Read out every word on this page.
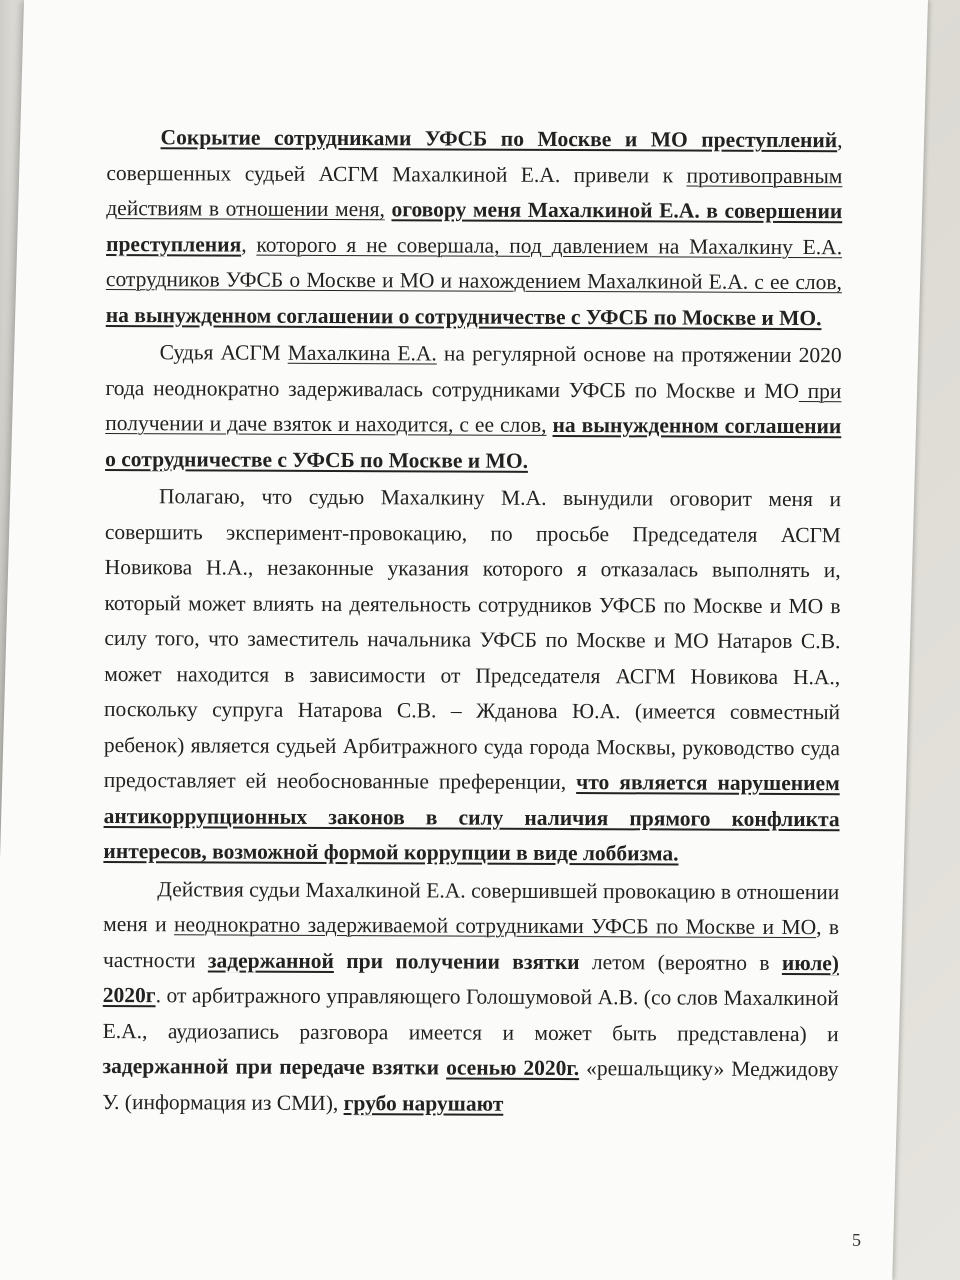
Сокрытие сотрудниками УФСБ по Москве и МО преступлений, совершенных судьей АСГМ Махалкиной Е.А. привели к противоправным действиям в отношении меня, оговору меня Махалкиной Е.А. в совершении преступления, которого я не совершала, под давлением на Махалкину Е.А. сотрудников УФСБ о Москве и МО и нахождением Махалкиной Е.А. с ее слов, на вынужденном соглашении о сотрудничестве с УФСБ по Москве и МО.

Судья АСГМ Махалкина Е.А. на регулярной основе на протяжении 2020 года неоднократно задерживалась сотрудниками УФСБ по Москве и МО при получении и даче взяток и находится, с ее слов, на вынужденном соглашении о сотрудничестве с УФСБ по Москве и МО.

Полагаю, что судью Махалкину М.А. вынудили оговорит меня и совершить эксперимент-провокацию, по просьбе Председателя АСГМ Новикова Н.А., незаконные указания которого я отказалась выполнять и, который может влиять на деятельность сотрудников УФСБ по Москве и МО в силу того, что заместитель начальника УФСБ по Москве и МО Натаров С.В. может находится в зависимости от Председателя АСГМ Новикова Н.А., поскольку супруга Натарова С.В. – Жданова Ю.А. (имеется совместный ребенок) является судьей Арбитражного суда города Москвы, руководство суда предоставляет ей необоснованные преференции, что является нарушением антикоррупционных законов в силу наличия прямого конфликта интересов, возможной формой коррупции в виде лоббизма.

Действия судьи Махалкиной Е.А. совершившей провокацию в отношении меня и неоднократно задерживаемой сотрудниками УФСБ по Москве и МО, в частности задержанной при получении взятки летом (вероятно в июле) 2020г. от арбитражного управляющего Голошумовой А.В. (со слов Махалкиной Е.А., аудиозапись разговора имеется и может быть представлена) и задержанной при передаче взятки осенью 2020г. «решальщику» Меджидову У. (информация из СМИ), грубо нарушают

5
